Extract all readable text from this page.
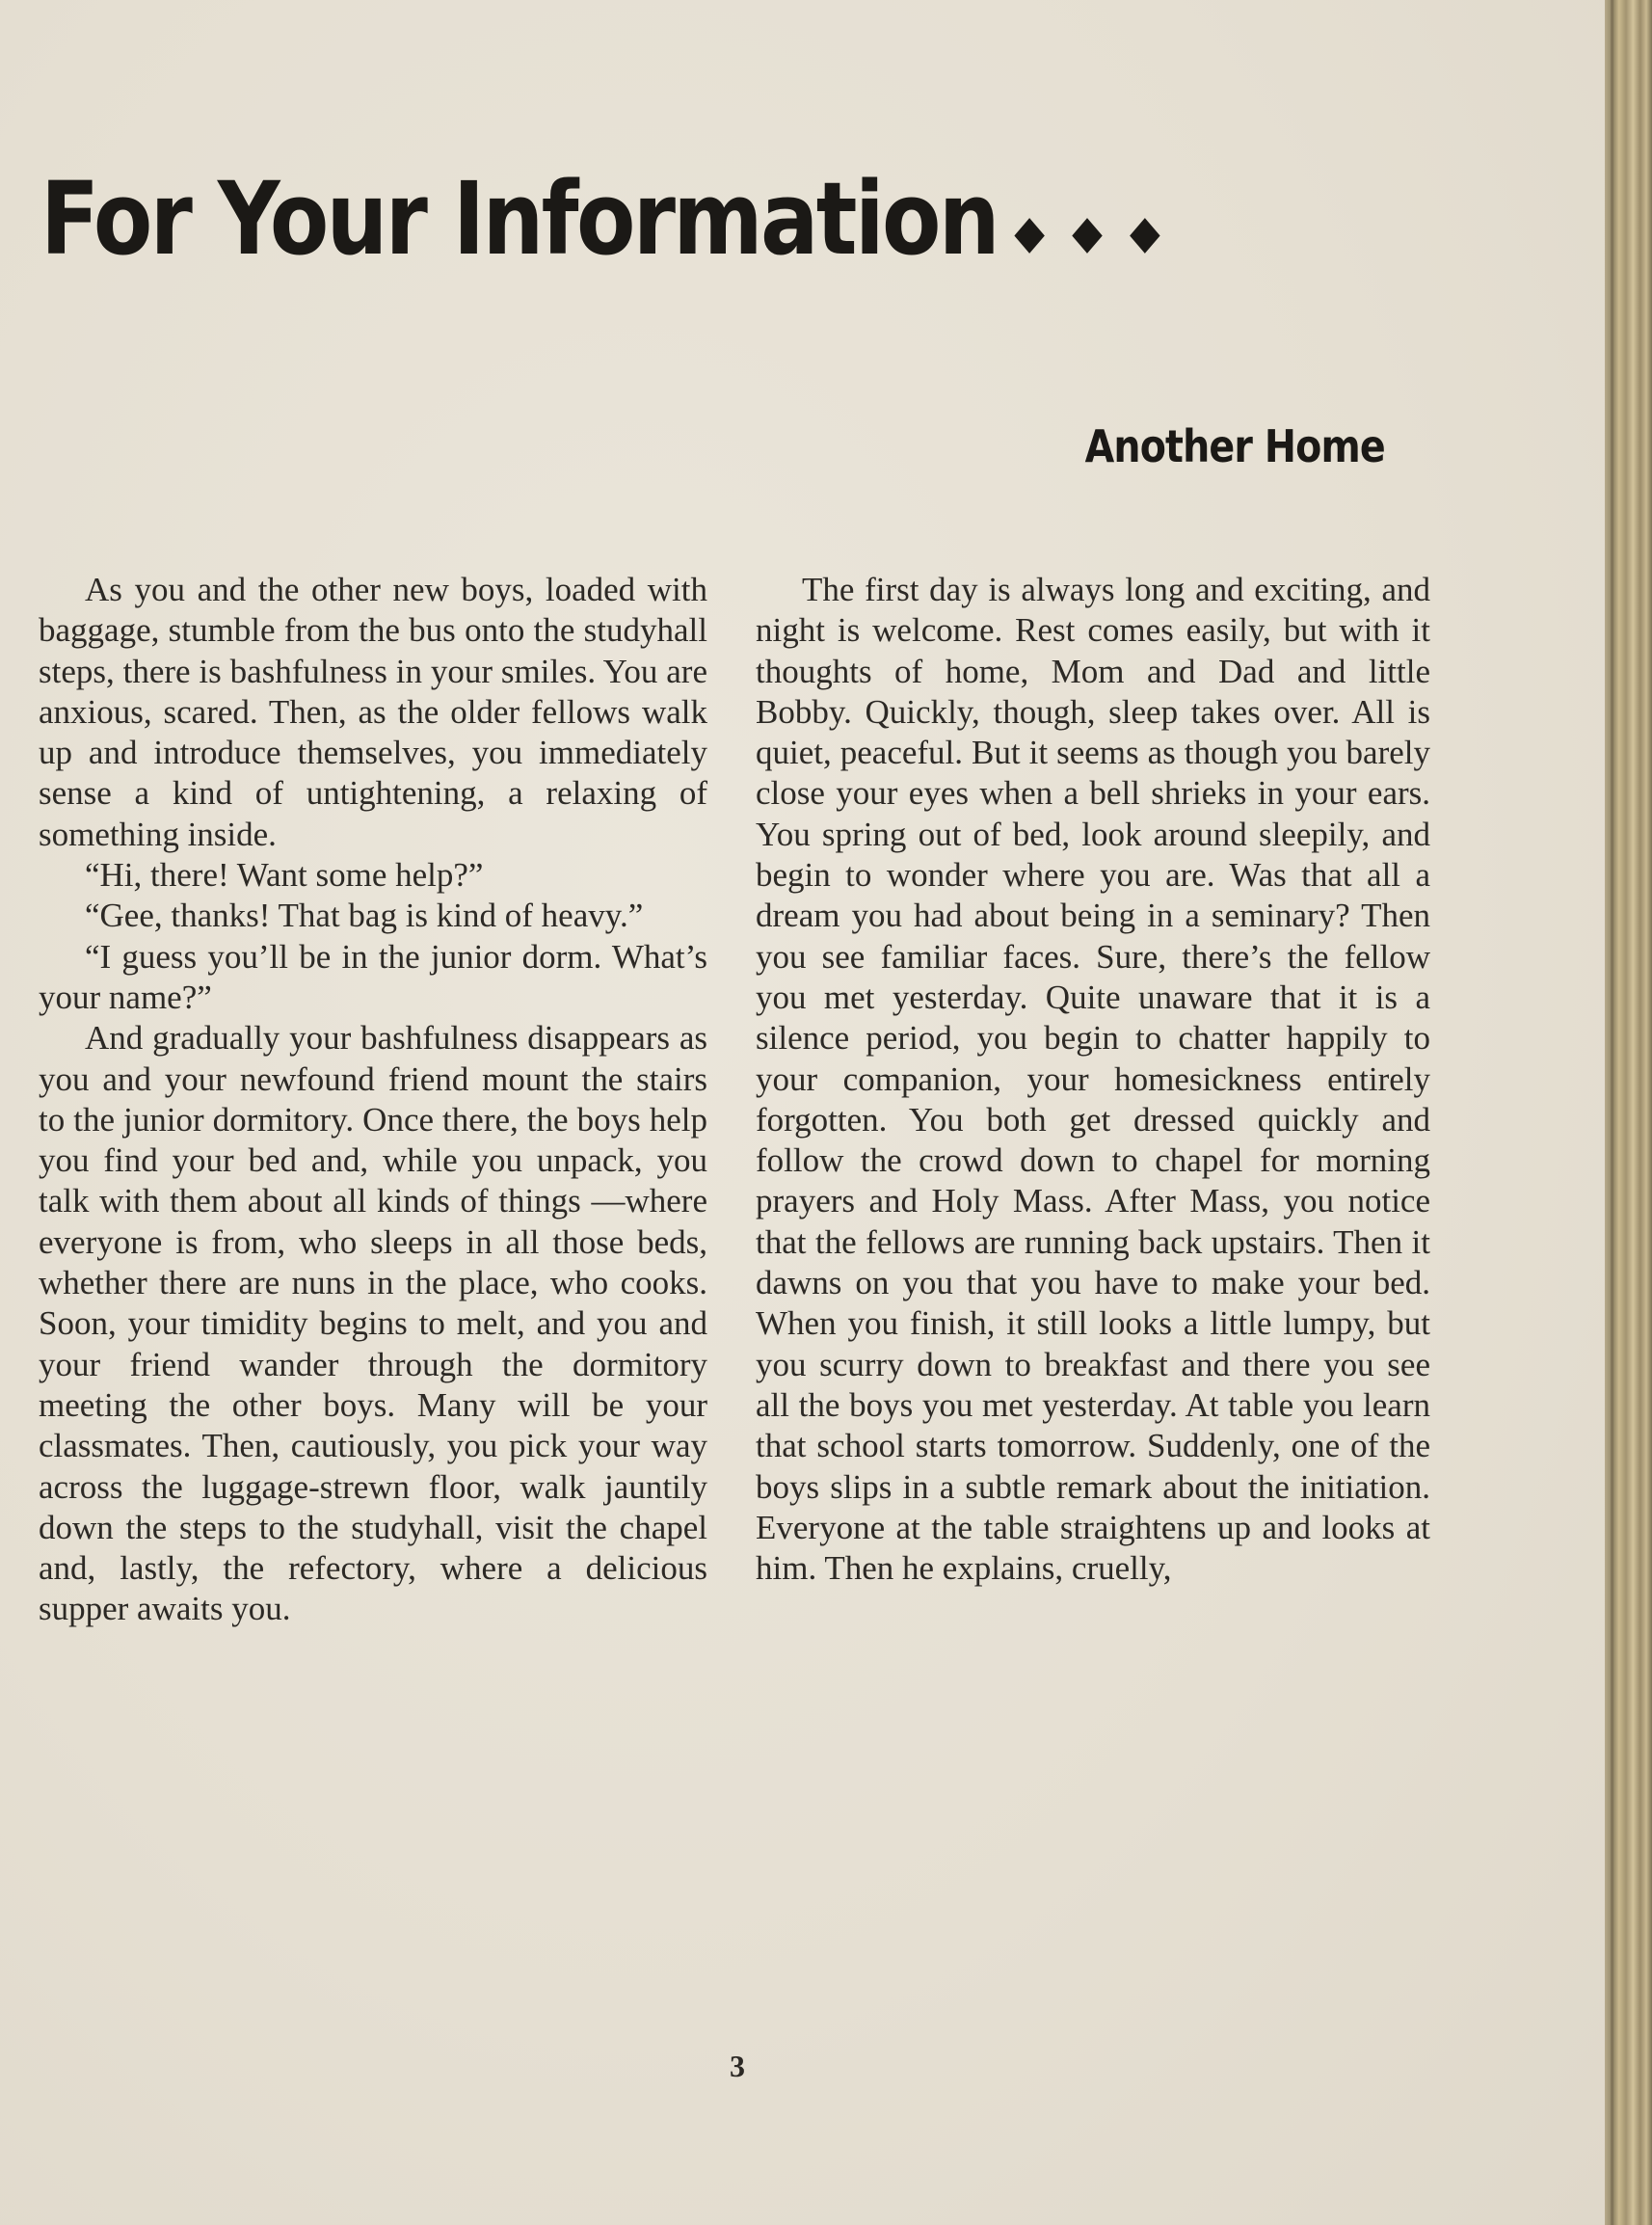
For Your Information ◆ ◆ ◆
Another Home

As you and the other new boys, loaded with baggage, stumble from the bus onto the studyhall steps, there is bashfulness in your smiles. You are anxious, scared. Then, as the older fellows walk up and introduce themselves, you immediately sense a kind of untightening, a relaxing of something inside.

“Hi, there! Want some help?”

“Gee, thanks! That bag is kind of heavy.”

“I guess you’ll be in the junior dorm. What’s your name?”

And gradually your bashfulness disappears as you and your newfound friend mount the stairs to the junior dormitory. Once there, the boys help you find your bed and, while you unpack, you talk with them about all kinds of things —where everyone is from, who sleeps in all those beds, whether there are nuns in the place, who cooks. Soon, your timidity begins to melt, and you and your friend wander through the dormitory meeting the other boys. Many will be your classmates. Then, cautiously, you pick your way across the luggage-strewn floor, walk jauntily down the steps to the studyhall, visit the chapel and, lastly, the refectory, where a delicious supper awaits you.

The first day is always long and exciting, and night is welcome. Rest comes easily, but with it thoughts of home, Mom and Dad and little Bobby. Quickly, though, sleep takes over. All is quiet, peaceful. But it seems as though you barely close your eyes when a bell shrieks in your ears. You spring out of bed, look around sleepily, and begin to wonder where you are. Was that all a dream you had about being in a seminary? Then you see familiar faces. Sure, there’s the fellow you met yesterday. Quite unaware that it is a silence period, you begin to chatter happily to your companion, your homesickness entirely forgotten. You both get dressed quickly and follow the crowd down to chapel for morning prayers and Holy Mass. After Mass, you notice that the fellows are running back upstairs. Then it dawns on you that you have to make your bed. When you finish, it still looks a little lumpy, but you scurry down to breakfast and there you see all the boys you met yesterday. At table you learn that school starts tomorrow. Suddenly, one of the boys slips in a subtle remark about the initiation. Everyone at the table straightens up and looks at him. Then he explains, cruelly,

3
